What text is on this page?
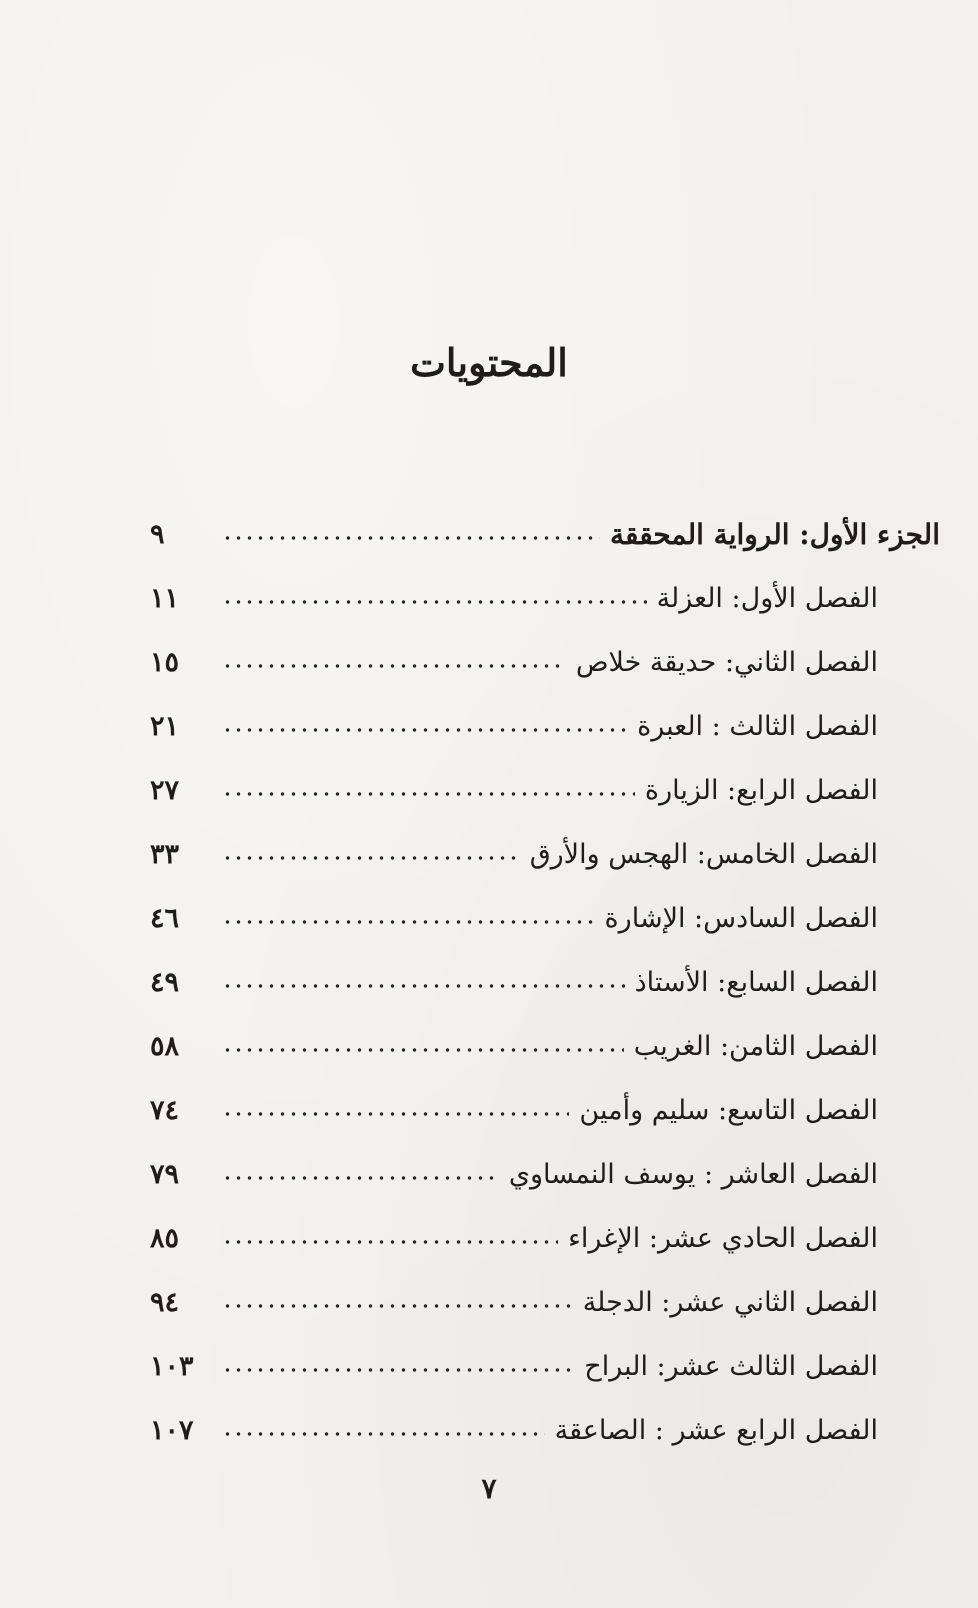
المحتويات
الجزء الأول: الرواية المحققة
٩
الفصل الأول: العزلة
١١
الفصل الثاني: حديقة خلاص
١٥
الفصل الثالث : العبرة
٢١
الفصل الرابع: الزيارة
٢٧
الفصل الخامس: الهجس والأرق
٣٣
الفصل السادس: الإشارة
٤٦
الفصل السابع: الأستاذ
٤٩
الفصل الثامن: الغريب
٥٨
الفصل التاسع: سليم وأمين
٧٤
الفصل العاشر : يوسف النمساوي
٧٩
الفصل الحادي عشر: الإغراء
٨٥
الفصل الثاني عشر: الدجلة
٩٤
الفصل الثالث عشر: البراح
١٠٣
الفصل الرابع عشر : الصاعقة
١٠٧
٧
